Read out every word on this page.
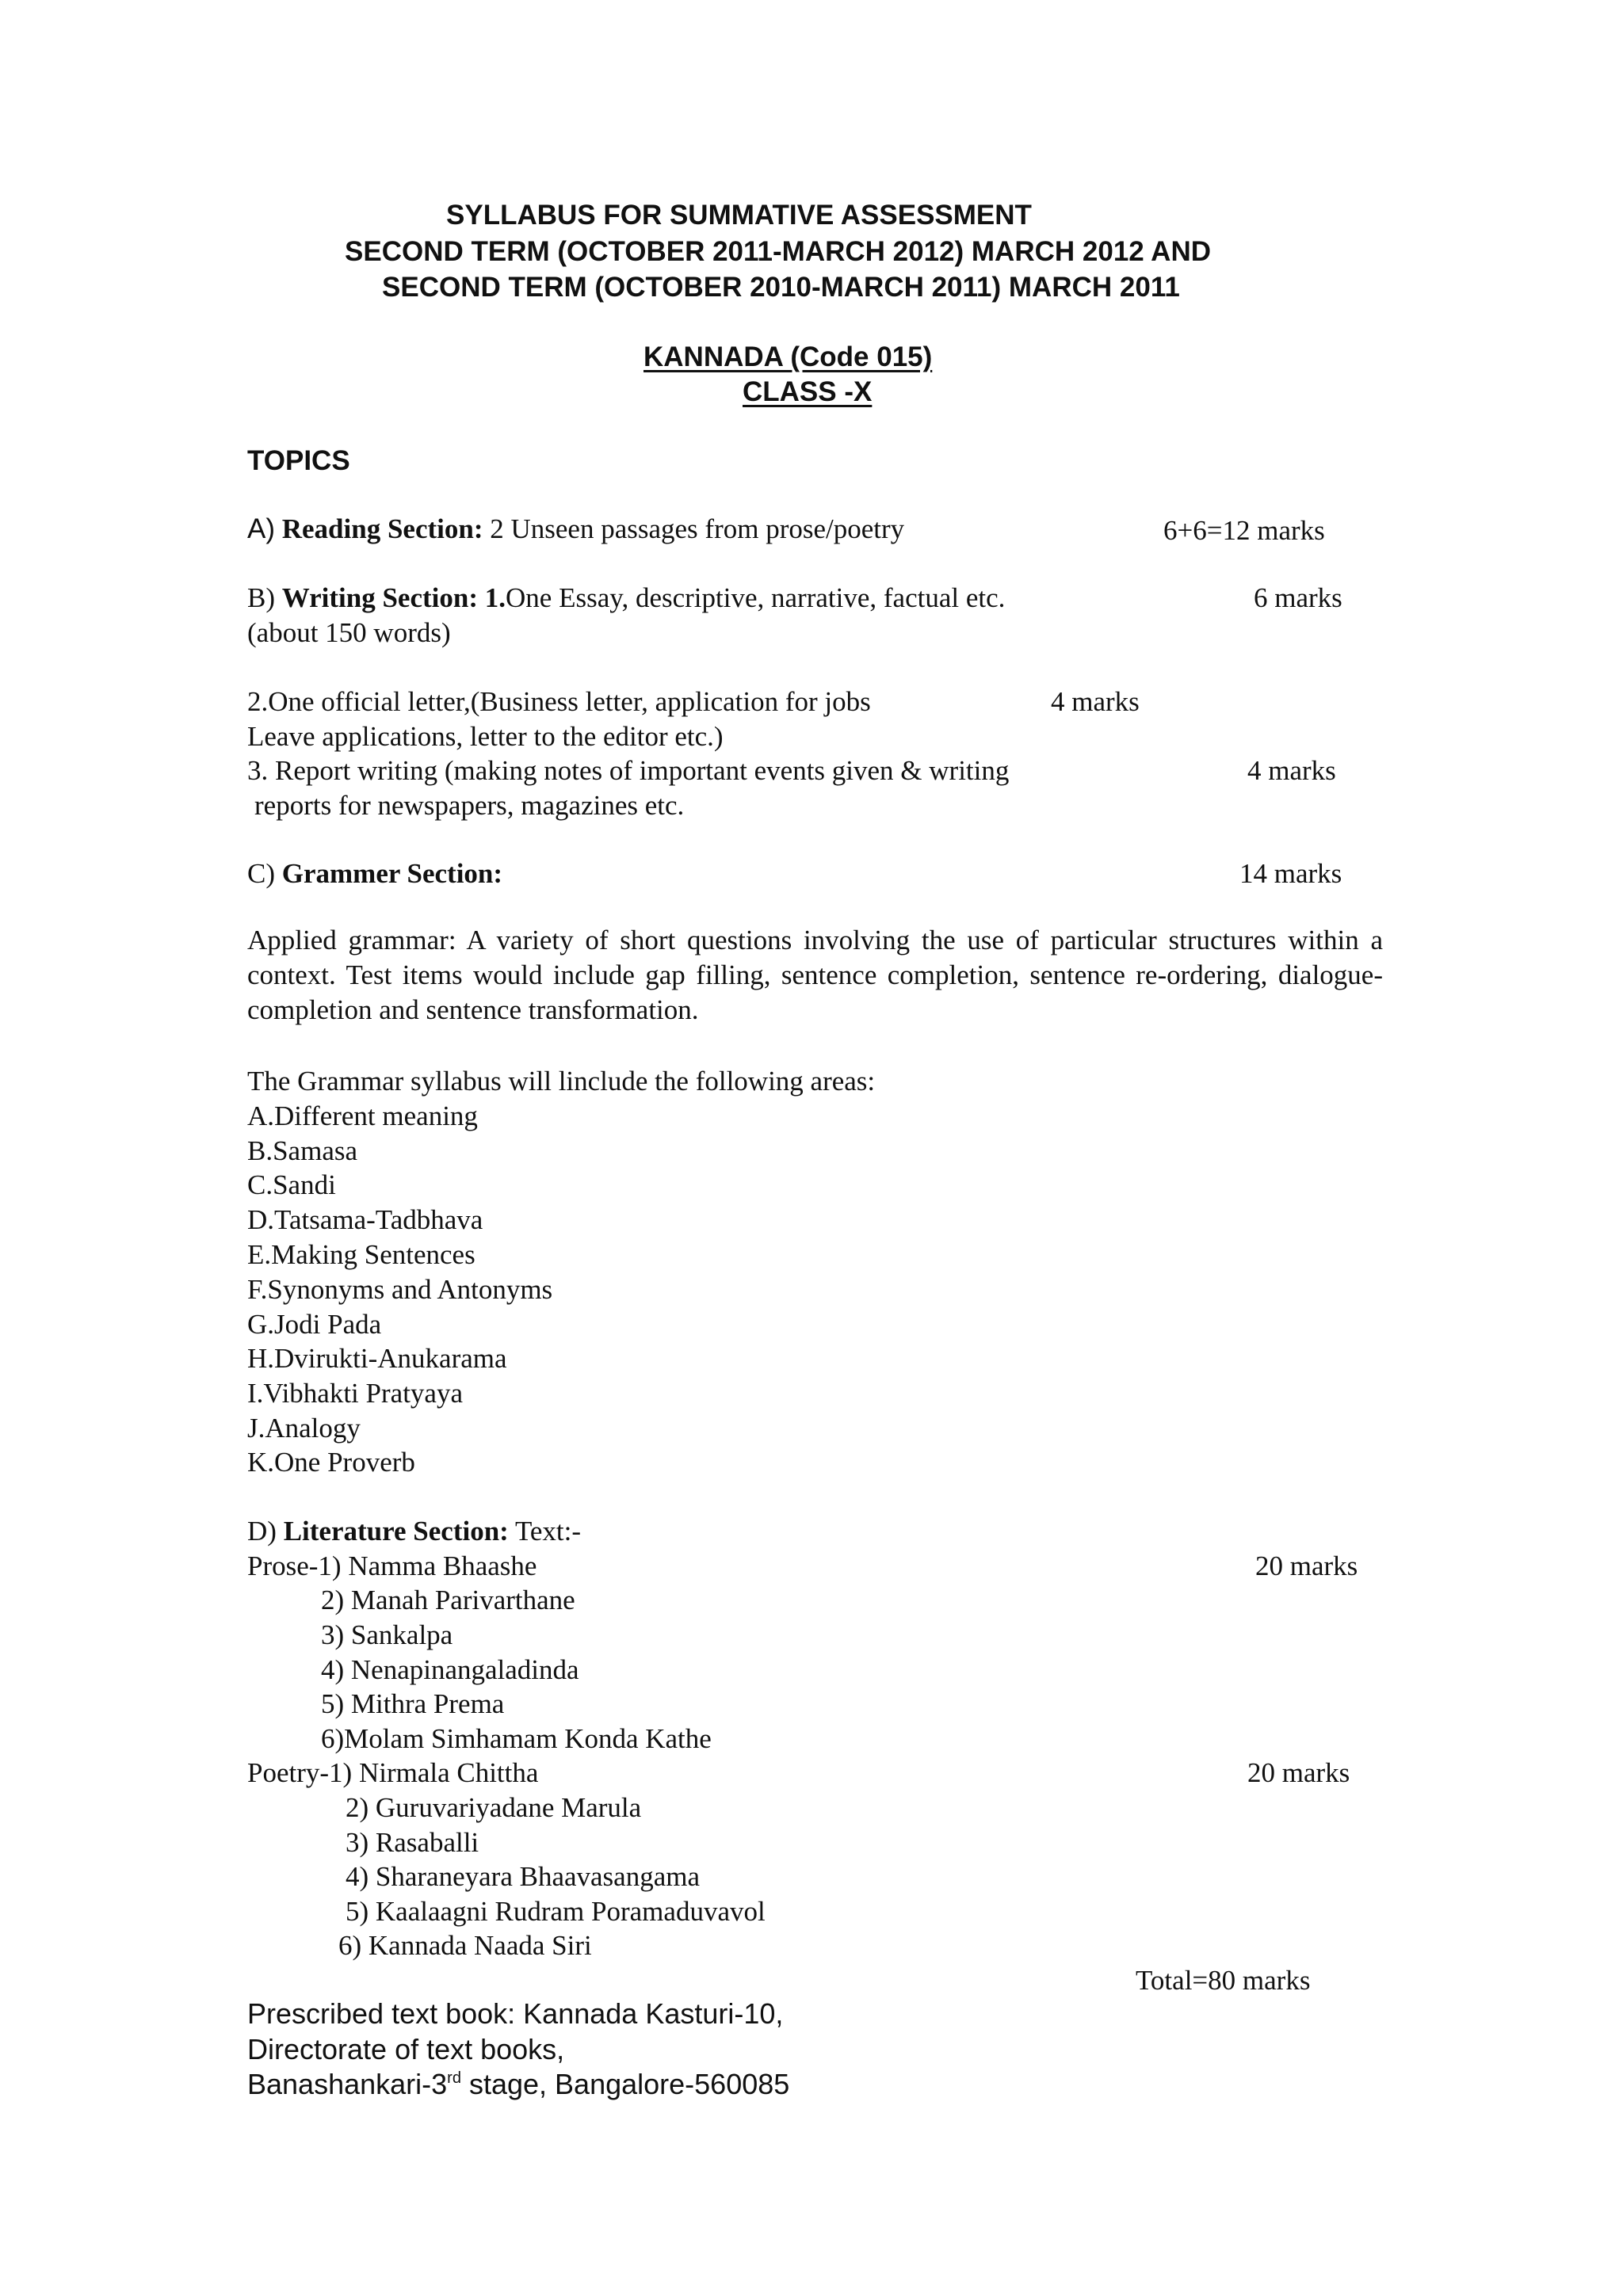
SYLLABUS FOR SUMMATIVE ASSESSMENT
SECOND TERM (OCTOBER 2011-MARCH 2012) MARCH 2012 AND
SECOND TERM (OCTOBER 2010-MARCH 2011) MARCH 2011
KANNADA (Code 015)
CLASS -X
TOPICS
A) Reading Section: 2 Unseen passages from prose/poetry	6+6=12 marks
B) Writing Section: 1.One Essay, descriptive, narrative, factual etc.	6 marks
(about 150 words)
2.One official letter,(Business letter, application for jobs	4 marks
Leave applications, letter to the editor etc.)
3. Report writing (making notes of important events given & writing	4 marks
reports for newspapers, magazines etc.
C) Grammer Section:	14 marks
Applied grammar: A variety of short questions involving the use of particular structures within a context. Test items would include gap filling, sentence completion, sentence re-ordering, dialogue-completion and sentence transformation.
The Grammar syllabus will linclude the following areas:
A.Different meaning
B.Samasa
C.Sandi
D.Tatsama-Tadbhava
E.Making Sentences
F.Synonyms and Antonyms
G.Jodi Pada
H.Dvirukti-Anukarama
I.Vibhakti Pratyaya
J.Analogy
K.One Proverb
D) Literature Section: Text:-
Prose-1) Namma Bhaashe	20 marks
2) Manah Parivarthane
3) Sankalpa
4) Nenapinangaladinda
5) Mithra Prema
6)Molam Simhamam Konda Kathe
Poetry-1) Nirmala Chittha	20 marks
2) Guruvariyadane Marula
3) Rasaballi
4) Sharaneyara Bhaavasangama
5) Kaalaagni Rudram Poramaduvavol
6) Kannada Naada Siri
Total=80 marks
Prescribed text book: Kannada Kasturi-10,
Directorate of text books,
Banashankari-3rd stage, Bangalore-560085
